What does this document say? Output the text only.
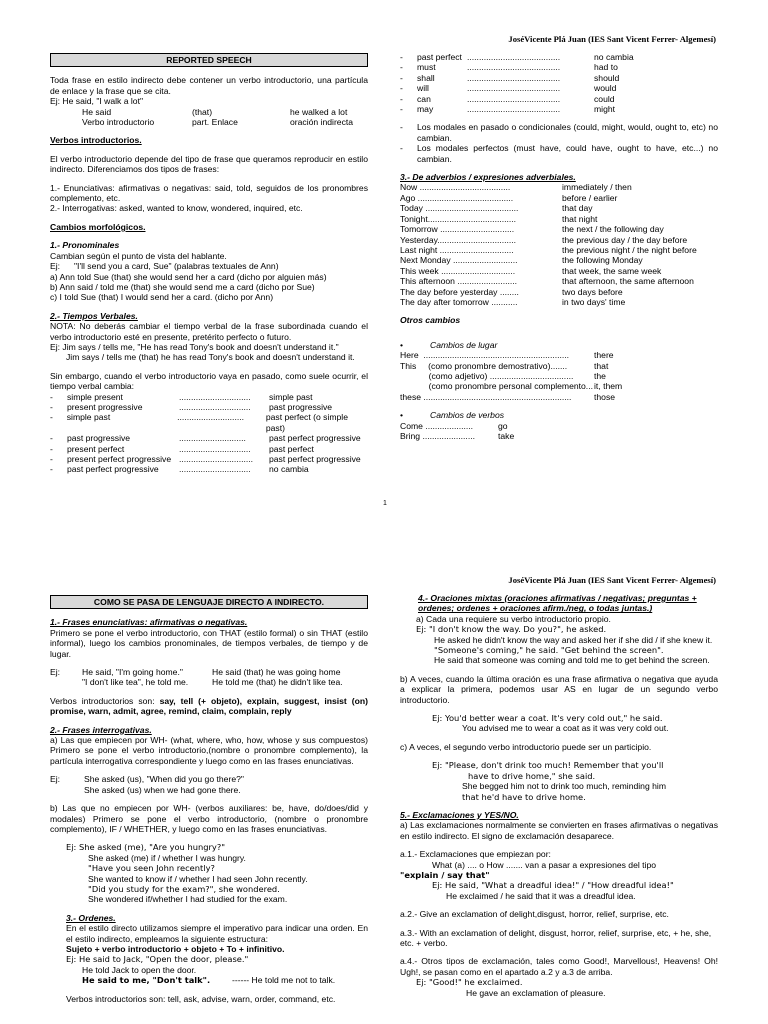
JoséVicente Plá Juan (IES Sant Vicent Ferrer- Algemesí)
REPORTED SPEECH

Toda frase en estilo indirecto debe contener un verbo introductorio, una partícula de enlace y la frase que se cita.

Ej: He said, "I walk a lot"
He said	(that)	he walked a lot
Verbo introductorio	part. Enlace	oración indirecta

Verbos introductorios.

El verbo introductorio depende del tipo de frase que queramos reproducir en estilo indirecto. Diferenciamos dos tipos de frases:

1.- Enunciativas: afirmativas o negativas: said, told, seguidos de los pronombres complemento, etc.

2.- Interrogativas: asked, wanted to know, wondered, inquired, etc.

Cambios morfológicos.

1.- Pronominales
Cambian según el punto de vista del hablante.
Ej:	"I'll send you a card, Sue" (palabras textuales de Ann)
a) Ann told Sue (that) she would send her a card (dicho por alguien más)
b) Ann said / told me (that) she would send me a card (dicho por Sue)

c) I told Sue (that) I would send her a card. (dicho por Ann)

2.- Tiempos Verbales.
NOTA: No deberás cambiar el tiempo verbal de la frase subordinada cuando el verbo introductorio esté en presente, pretérito perfecto o futuro.
Ej: Jim says / tells me, "He has read Tony's book and doesn't understand it."

Jim says / tells me (that) he has read Tony's book and doesn't understand it.

Sin embargo, cuando el verbo introductorio vaya en pasado, como suele ocurrir, el tiempo verbal cambia:
-	simple present	..............................	simple past
-	present progressive	..............................	past progressive
-	simple past	............................	past perfect (o simple past)
-	past progressive	............................	past perfect progressive
-	present perfect	..............................	past perfect
-	present perfect progressive ...............................	past perfect progressive
-	past perfect progressive	..............................	no cambia
-	past perfect .......................................	no cambia
-	must	.......................................	had to
-	shall	.......................................	should
-	will	.......................................	would
-	can	.......................................	could
-	may	.......................................	might
-	Los modales en pasado o condicionales (could, might, would, ought to, etc) no cambian.
-	Los modales perfectos (must have, could have, ought to have, etc...) no cambian.
3.- De adverbios / expresiones adverbiales.
Now ......................................	immediately / then
Ago ........................................	before / earlier
Today .......................................	that day
Tonight.....................................	that night
Tomorrow ...............................	the next / the following day
Yesterday.................................	the previous day / the day before
Last night ...............................	the previous night / the night before
Next Monday ...........................	the following Monday
This week ...............................	that week, the same week
This afternoon .........................	that afternoon, the same afternoon
The day before yesterday ........	two days before
The day after tomorrow ...........	in two days' time

Otros cambios

•	Cambios de lugar
Here  .............................................................	there
This     (como pronombre demostrativo).......	that
(como adjetivo) ...................................	the
(como pronombre personal complemento... it, them
these ..............................................................	those
•	Cambios de verbos
Come ....................	go
Bring ......................	take
1
JoséVicente Plá Juan (IES Sant Vicent Ferrer- Algemesí)
COMO SE PASA DE LENGUAJE DIRECTO A INDIRECTO.
1.- Frases enunciativas: afirmativas o negativas.

Primero se pone el verbo introductorio, con THAT (estilo formal) o sin THAT (estilo informal), luego los cambios pronominales, de tiempos verbales, de tiempo y de lugar.

Ej:	He said, "I'm going home."	He said (that) he was going home

"I don't like tea", he told me.	He told me (that) he didn't like tea.

Verbos introductorios son: say, tell (+ objeto), explain, suggest, insist (on) promise, warn, admit, agree, remind, claim, complain, reply

2.- Frases interrogativas.

a) Las que empiecen por WH- (what, where, who, how, whose y sus compuestos) Primero se pone el verbo introductorio,(nombre o pronombre complemento), la partícula interrogativa correspondiente y luego como en las frases enunciativas.

Ej:	She asked (us), "When did you go there?"

She asked (us) when we had gone there.

b) Las que no empiecen por WH- (verbos auxiliares: be, have, do/does/did y modales) Primero se pone el verbo introductorio, (nombre o pronombre complemento), IF / WHETHER, y luego como en las frases enunciativas.

Ej: She asked (me), "Are you hungry?"
She asked (me) if / whether I was hungry.
"Have you seen John recently?
She wanted to know if / whether I had seen John recently.
"Did you study for the exam?", she wondered.
She wondered if/whether I had studied for the exam.
3.- Ordenes.
En el estilo directo utilizamos siempre el imperativo para indicar una orden. En el estilo indirecto, empleamos la siguiente estructura:
Sujeto + verbo introductorio + objeto + To + infinitivo.
Ej: He said to Jack, "Open the door, please."
He told Jack to open the door.

He said to me, "Don't talk".	------ He told me not to talk.

Verbos introductorios son: tell, ask, advise, warn, order, command, etc.

4.- Oraciones mixtas (oraciones afirmativas / negativas; preguntas + ordenes; ordenes + oraciones afirm./neg, o todas juntas.)

a) Cada una requiere su verbo introductorio propio.
Ej: "I don't know the way. Do you?", he asked.
He asked he didn't know the way and asked her if she did / if she knew it.
"Someone's coming," he said. "Get behind the screen".
He said that someone was coming and told me to get behind the screen.

b) A veces, cuando la última oración es una frase afirmativa o negativa que ayuda a explicar la primera, podemos usar AS en lugar de un segundo verbo introductorio.

Ej: You'd better wear a coat. It's very cold out," he said.

You advised me to wear a coat as it was very cold out.

c) A veces, el segundo verbo introductorio puede ser un participio.

Ej: "Please, don't drink too much! Remember that you'll
have to drive home," she said.
She begged him not to drink too much, reminding him
that he'd have to drive home.
5.- Exclamaciones y YES/NO.

a) Las exclamaciones normalmente se convierten en frases afirmativas o negativas en estilo indirecto. El signo de exclamación desaparece.

a.1.- Exclamaciones que empiezan por:
What (a) .... o How ....... van a pasar a expresiones del tipo
"explain / say that"
Ej: He said, "What a dreadful idea!" / "How dreadful idea!"

He exclaimed / he said that it was a dreadful idea.

a.2.- Give an exclamation of delight,disgust, horror, relief, surprise, etc.

a.3.- With an exclamation of delight, disgust, horror, relief, surprise, etc, + he, she, etc. + verbo.

a.4.- Otros tipos de exclamación, tales como Good!, Marvellous!, Heavens! Oh! Ugh!, se pasan como en el apartado a.2 y a.3 de arriba.
Ej: "Good!" he exclaimed.
He gave an exclamation of pleasure.
